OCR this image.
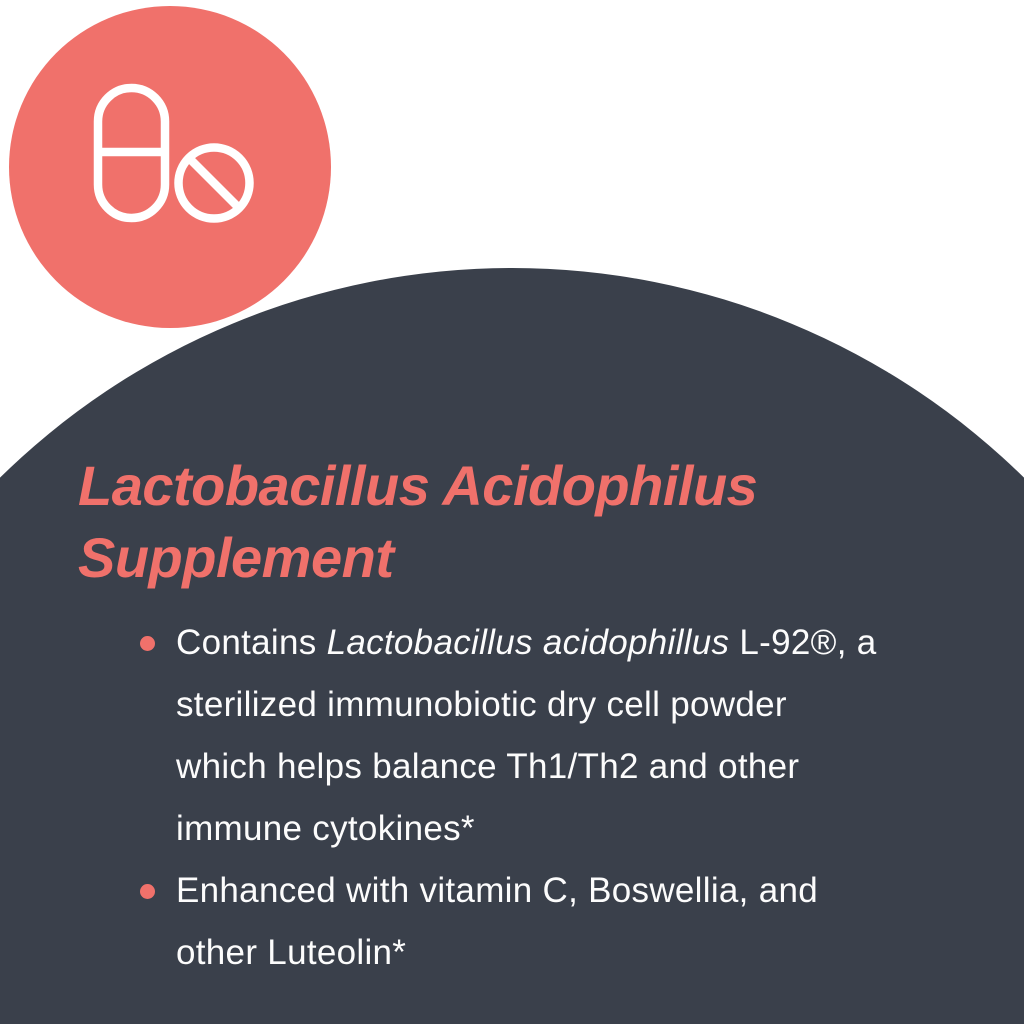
Lactobacillus Acidophilus
Supplement
Contains Lactobacillus acidophillus L-92®, a
sterilized immunobiotic dry cell powder
which helps balance Th1/Th2 and other
immune cytokines*
Enhanced with vitamin C, Boswellia, and
other Luteolin*
